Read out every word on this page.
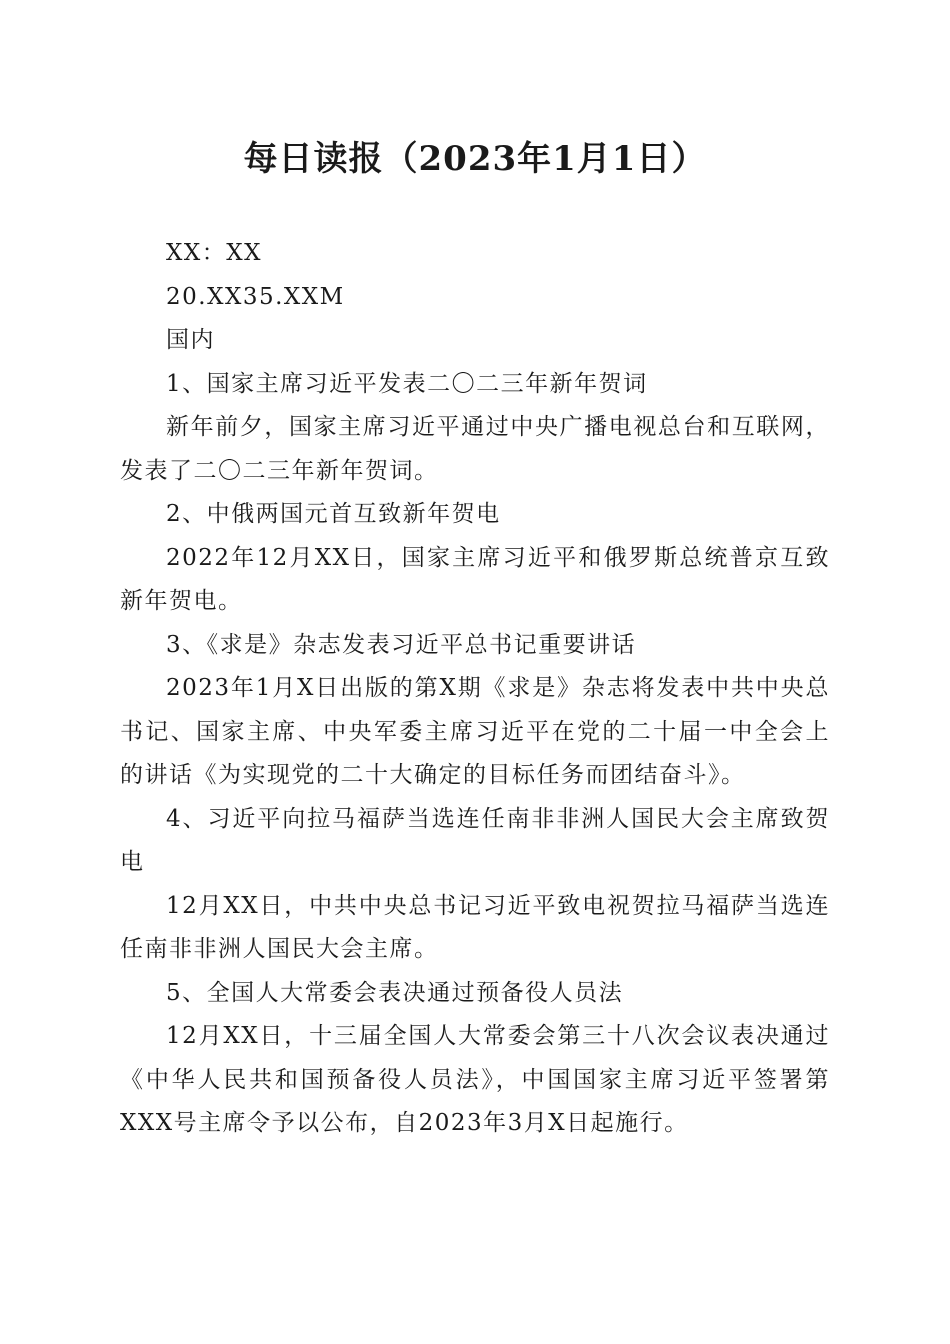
每日读报（2023年1月1日）

XX：XX

20.XX35.XXM

国内

1、国家主席习近平发表二〇二三年新年贺词

新年前夕，国家主席习近平通过中央广播电视总台和互联网，发表了二〇二三年新年贺词。

2、中俄两国元首互致新年贺电

2022年12月XX日，国家主席习近平和俄罗斯总统普京互致新年贺电。

3、《求是》杂志发表习近平总书记重要讲话

2023年1月X日出版的第X期《求是》杂志将发表中共中央总书记、国家主席、中央军委主席习近平在党的二十届一中全会上的讲话《为实现党的二十大确定的目标任务而团结奋斗》。

4、习近平向拉马福萨当选连任南非非洲人国民大会主席致贺电

12月XX日，中共中央总书记习近平致电祝贺拉马福萨当选连任南非非洲人国民大会主席。

5、全国人大常委会表决通过预备役人员法

12月XX日，十三届全国人大常委会第三十八次会议表决通过《中华人民共和国预备役人员法》，中国国家主席习近平签署第XXX号主席令予以公布，自2023年3月X日起施行。
